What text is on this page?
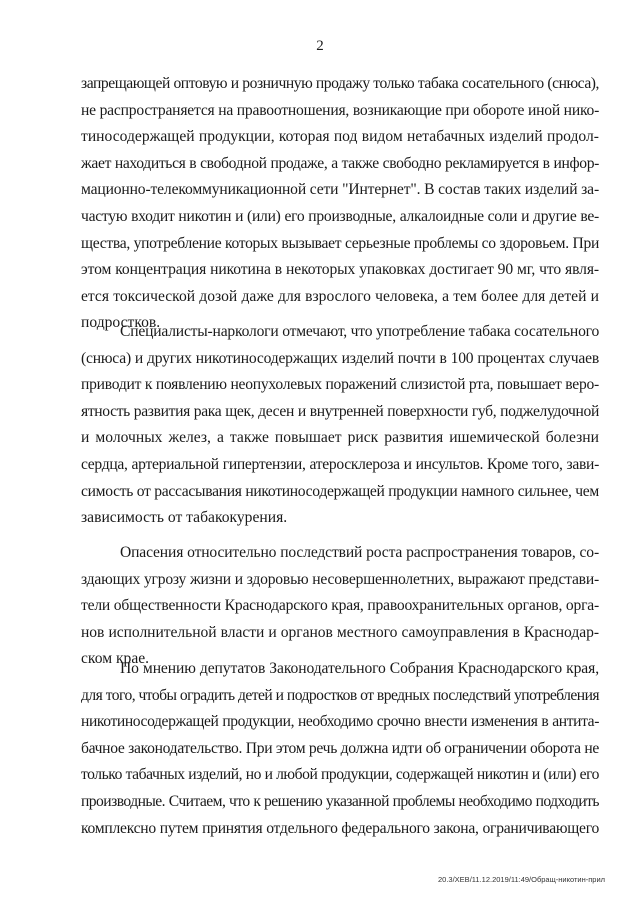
2
запрещающей оптовую и розничную продажу только табака сосательного (снюса),
не распространяется на правоотношения, возникающие при обороте иной нико-
тиносодержащей продукции, которая под видом нетабачных изделий продол-
жает находиться в свободной продаже, а также свободно рекламируется в инфор-
мационно-телекоммуникационной сети "Интернет". В состав таких изделий за-
частую входит никотин и (или) его производные, алкалоидные соли и другие ве-
щества, употребление которых вызывает серьезные проблемы со здоровьем. При
этом концентрация никотина в некоторых упаковках достигает 90 мг, что явля-
ется токсической дозой даже для взрослого человека, а тем более для детей и
подростков.
Специалисты-наркологи отмечают, что употребление табака сосательного
(снюса) и других никотиносодержащих изделий почти в 100 процентах случаев
приводит к появлению неопухолевых поражений слизистой рта, повышает веро-
ятность развития рака щек, десен и внутренней поверхности губ, поджелудочной
и молочных желез, а также повышает риск развития ишемической болезни
сердца, артериальной гипертензии, атеросклероза и инсультов. Кроме того, зави-
симость от рассасывания никотиносодержащей продукции намного сильнее, чем
зависимость от табакокурения.
Опасения относительно последствий роста распространения товаров, со-
здающих угрозу жизни и здоровью несовершеннолетних, выражают представи-
тели общественности Краснодарского края, правоохранительных органов, орга-
нов исполнительной власти и органов местного самоуправления в Краснодар-
ском крае.
По мнению депутатов Законодательного Собрания Краснодарского края,
для того, чтобы оградить детей и подростков от вредных последствий употребления
никотиносодержащей продукции, необходимо срочно внести изменения в антита-
бачное законодательство. При этом речь должна идти об ограничении оборота не
только табачных изделий, но и любой продукции, содержащей никотин и (или) его
производные. Считаем, что к решению указанной проблемы необходимо подходить
комплексно путем принятия отдельного федерального закона, ограничивающего
20.3/ХЕВ/11.12.2019/11:49/Обращ-никотин-прил
